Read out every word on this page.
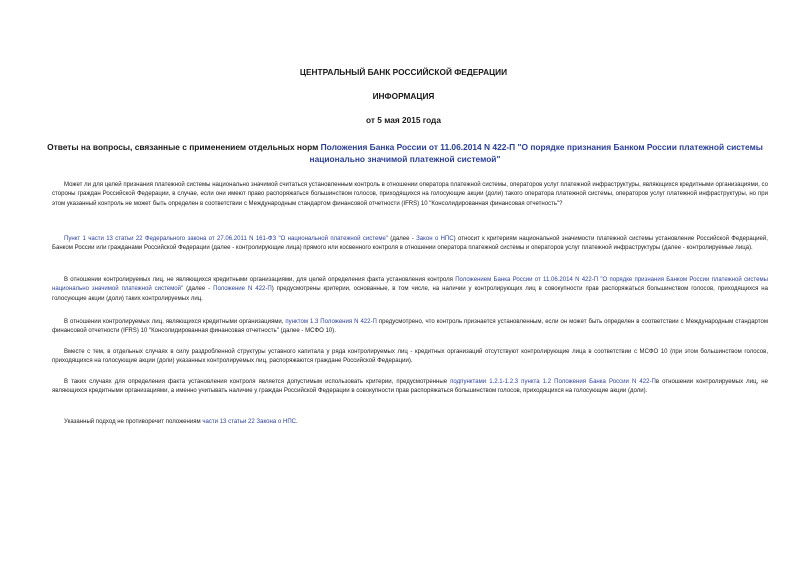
ЦЕНТРАЛЬНЫЙ БАНК РОССИЙСКОЙ ФЕДЕРАЦИИ
ИНФОРМАЦИЯ
от 5 мая 2015 года
Ответы на вопросы, связанные с применением отдельных норм Положения Банка России от 11.06.2014 N 422-П "О порядке признания Банком России платежной системы национально значимой платежной системой"
Может ли для целей признания платежной системы национально значимой считаться установленным контроль в отношении оператора платежной системы, операторов услуг платежной инфраструктуры, являющихся кредитными организациями, со стороны граждан Российской Федерации, в случае, если они имеют право распоряжаться большинством голосов, приходящихся на голосующие акции (доли) такого оператора платежной системы, операторов услуг платежной инфраструктуры, но при этом указанный контроль не может быть определен в соответствии с Международным стандартом финансовой отчетности (IFRS) 10 "Консолидированная финансовая отчетность"?
Пункт 1 части 13 статьи 22 Федерального закона от 27.06.2011 N 161-ФЗ "О национальной платежной системе" (далее - Закон о НПС) относит к критериям национальной значимости платежной системы установление Российской Федерацией, Банком России или гражданами Российской Федерации (далее - контролирующие лица) прямого или косвенного контроля в отношении оператора платежной системы и операторов услуг платежной инфраструктуры (далее - контролируемые лица).
В отношении контролируемых лиц, не являющихся кредитными организациями, для целей определения факта установления контроля Положением Банка России от 11.06.2014 N 422-П "О порядке признания Банком России платежной системы национально значимой платежной системой" (далее - Положение N 422-П) предусмотрены критерии, основанные, в том числе, на наличии у контролирующих лиц в совокупности прав распоряжаться большинством голосов, приходящихся на голосующие акции (доли) таких контролируемых лиц.
В отношении контролируемых лиц, являющихся кредитными организациями, пунктом 1.3 Положения N 422-П предусмотрено, что контроль признается установленным, если он может быть определен в соответствии с Международным стандартом финансовой отчетности (IFRS) 10 "Консолидированная финансовая отчетность" (далее - МСФО 10).
Вместе с тем, в отдельных случаях в силу раздробленной структуры уставного капитала у ряда контролируемых лиц - кредитных организаций отсутствуют контролирующие лица в соответствии с МСФО 10 (при этом большинством голосов, приходящихся на голосующие акции (доли) указанных контролируемых лиц, распоряжаются граждане Российской Федерации).
В таких случаях для определения факта установления контроля является допустимым использовать критерии, предусмотренные подпунктами 1.2.1-1.2.3 пункта 1.2 Положения Банка России N 422-Пв отношении контролируемых лиц, не являющихся кредитными организациями, а именно учитывать наличие у граждан Российской Федерации в совокупности прав распоряжаться большинством голосов, приходящихся на голосующие акции (доли).
Указанный подход не противоречит положениям части 13 статьи 22 Закона о НПС.
